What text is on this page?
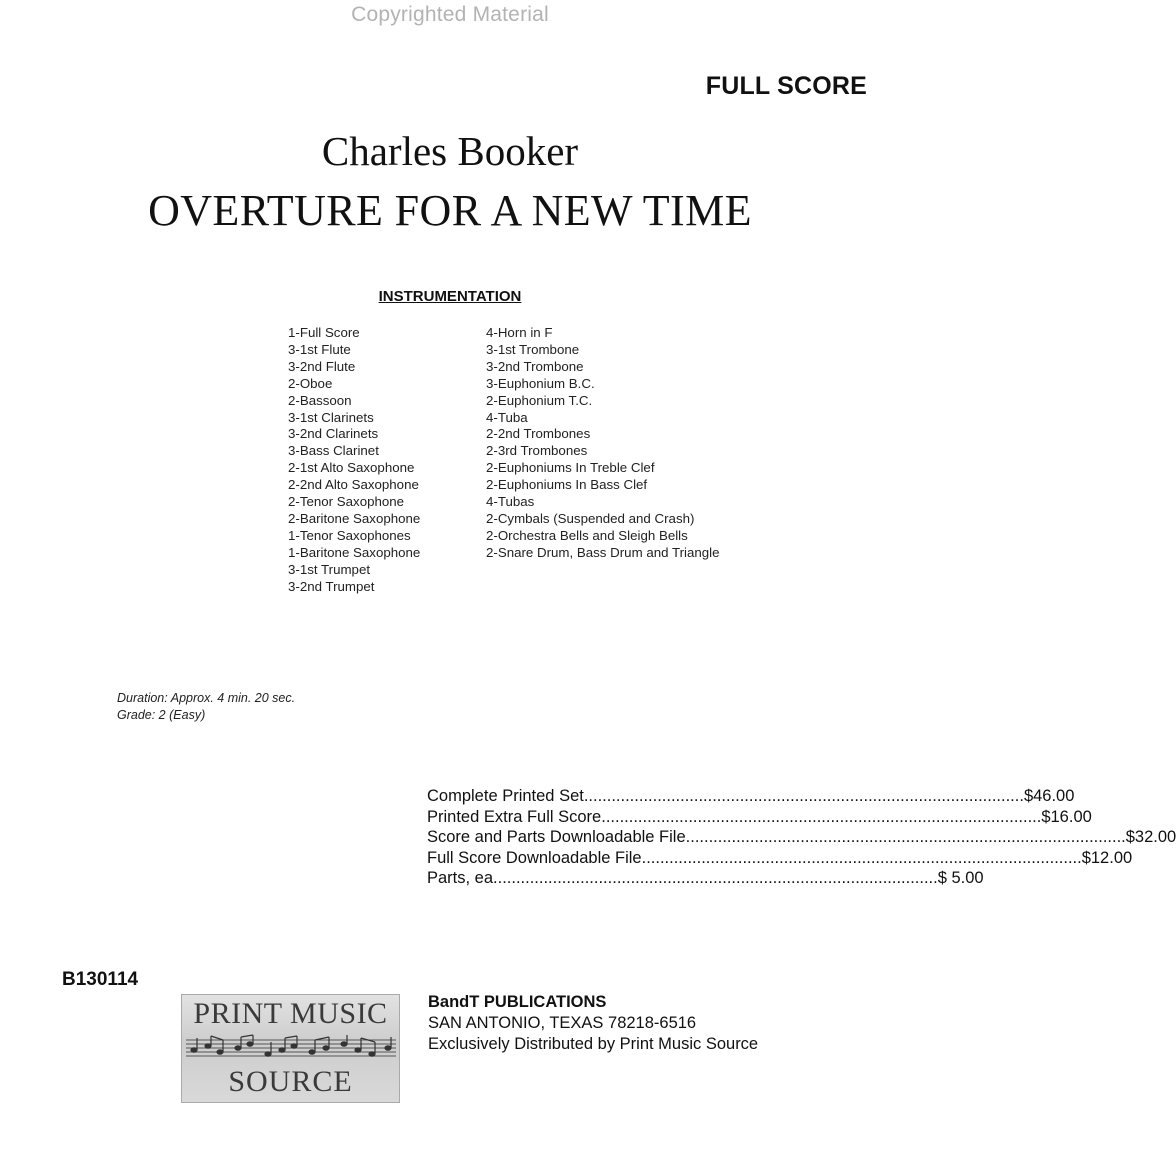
Copyrighted Material
FULL SCORE
Charles Booker
OVERTURE FOR A NEW TIME
INSTRUMENTATION
1-Full Score
3-1st Flute
3-2nd Flute
2-Oboe
2-Bassoon
3-1st Clarinets
3-2nd Clarinets
3-Bass Clarinet
2-1st Alto Saxophone
2-2nd Alto Saxophone
2-Tenor Saxophone
2-Baritone Saxophone
1-Tenor Saxophones
1-Baritone Saxophone
3-1st Trumpet
3-2nd Trumpet
4-Horn in F
3-1st Trombone
3-2nd Trombone
3-Euphonium B.C.
2-Euphonium T.C.
4-Tuba
2-2nd Trombones
2-3rd Trombones
2-Euphoniums In Treble Clef
2-Euphoniums In Bass Clef
4-Tubas
2-Cymbals (Suspended and Crash)
2-Orchestra Bells and Sleigh Bells
2-Snare Drum, Bass Drum and Triangle
Duration: Approx. 4 min. 20 sec.
Grade: 2 (Easy)
Complete Printed Set ................................................................................................ $46.00
Printed Extra Full Score ................................................................................................ $16.00
Score and Parts Downloadable File ................................................................................................ $32.00
Full Score Downloadable File ................................................................................................ $12.00
Parts, ea. ................................................................................................ $ 5.00
B130114
PRINT MUSIC
SOURCE
BandT PUBLICATIONS
SAN ANTONIO, TEXAS 78218-6516
Exclusively Distributed by Print Music Source
